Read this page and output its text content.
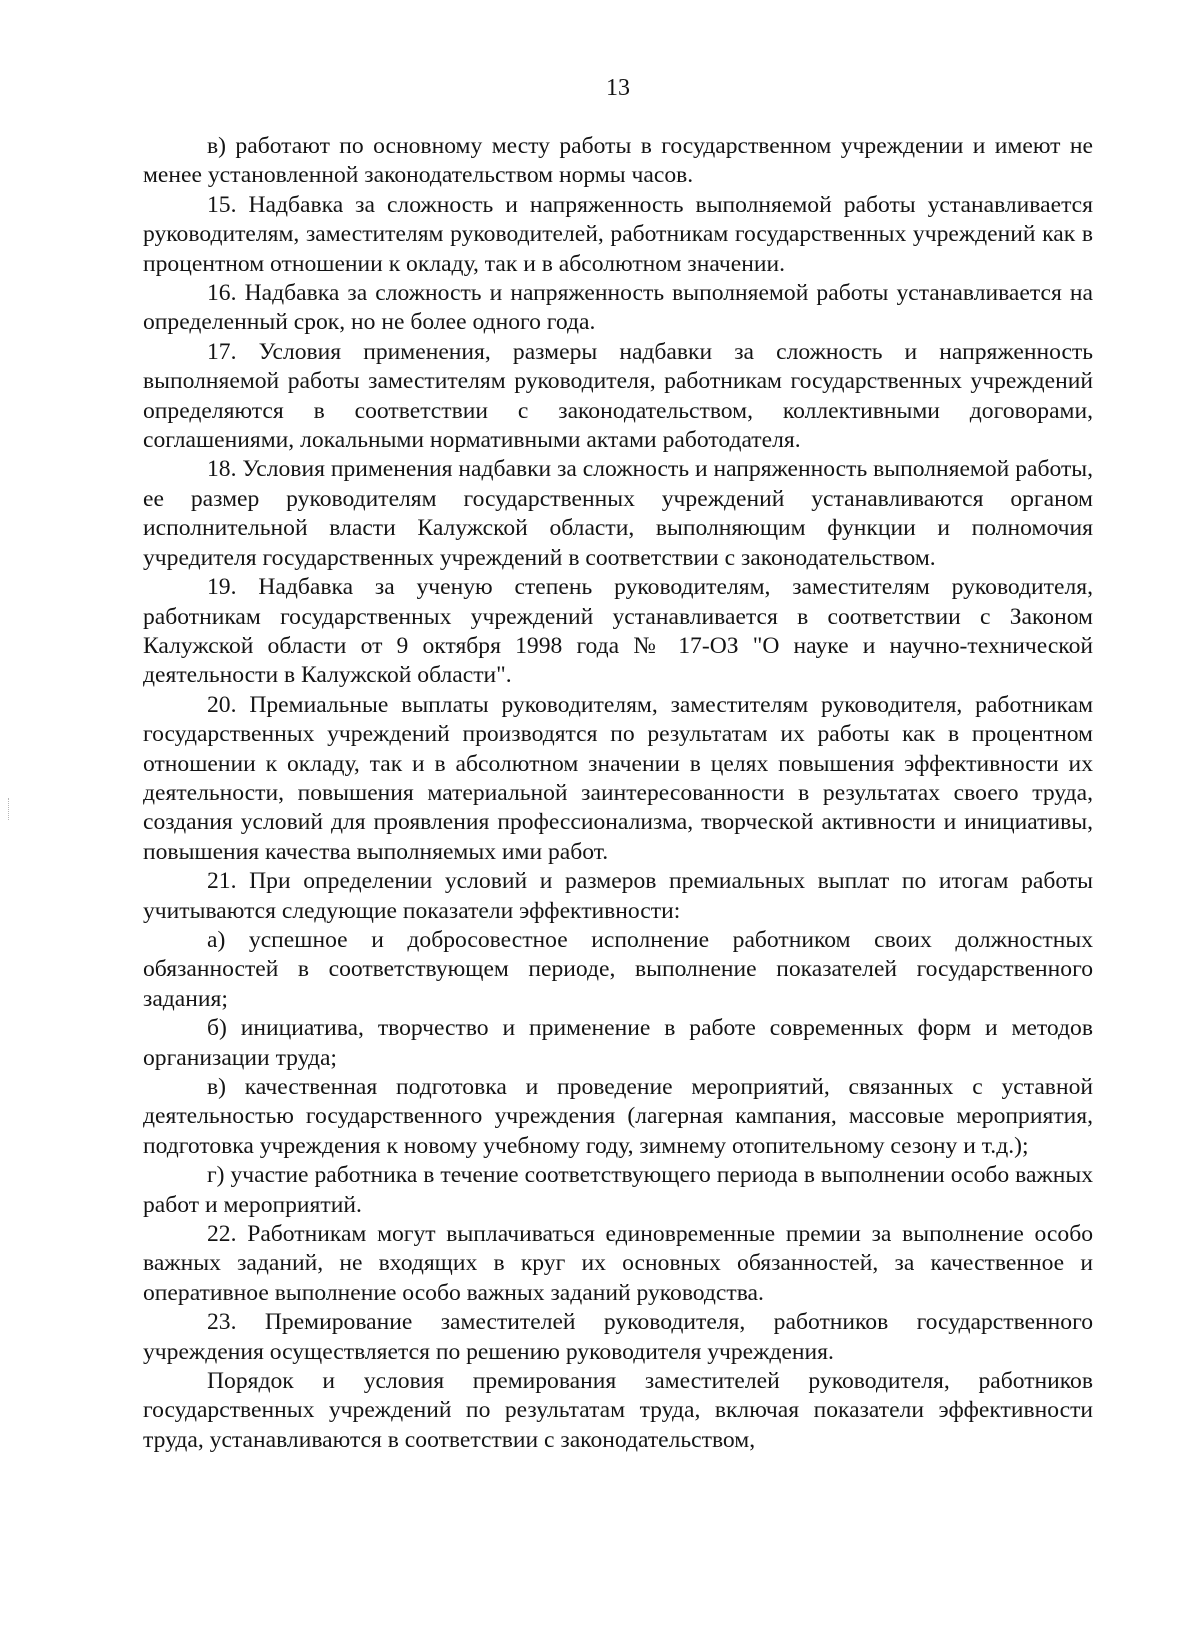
13

в) работают по основному месту работы в государственном учреждении и имеют не менее установленной законодательством нормы часов.

15. Надбавка за сложность и напряженность выполняемой работы устанавливается руководителям, заместителям руководителей, работникам государственных учреждений как в процентном отношении к окладу, так и в абсолютном значении.

16. Надбавка за сложность и напряженность выполняемой работы устанавливается на определенный срок, но не более одного года.

17. Условия применения, размеры надбавки за сложность и напряженность выполняемой работы заместителям руководителя, работникам государственных учреждений определяются в соответствии с законодательством, коллективными договорами, соглашениями, локальными нормативными актами работодателя.

18. Условия применения надбавки за сложность и напряженность выполняемой работы, ее размер руководителям государственных учреждений устанавливаются органом исполнительной власти Калужской области, выполняющим функции и полномочия учредителя государственных учреждений в соответствии с законодательством.

19. Надбавка за ученую степень руководителям, заместителям руководителя, работникам государственных учреждений устанавливается в соответствии с Законом Калужской области от 9 октября 1998 года № 17-ОЗ "О науке и научно-технической деятельности в Калужской области".

20. Премиальные выплаты руководителям, заместителям руководителя, работникам государственных учреждений производятся по результатам их работы как в процентном отношении к окладу, так и в абсолютном значении в целях повышения эффективности их деятельности, повышения материальной заинтересованности в результатах своего труда, создания условий для проявления профессионализма, творческой активности и инициативы, повышения качества выполняемых ими работ.

21. При определении условий и размеров премиальных выплат по итогам работы учитываются следующие показатели эффективности:

а) успешное и добросовестное исполнение работником своих должностных обязанностей в соответствующем периоде, выполнение показателей государственного задания;

б) инициатива, творчество и применение в работе современных форм и методов организации труда;

в) качественная подготовка и проведение мероприятий, связанных с уставной деятельностью государственного учреждения (лагерная кампания, массовые мероприятия, подготовка учреждения к новому учебному году, зимнему отопительному сезону и т.д.);

г) участие работника в течение соответствующего периода в выполнении особо важных работ и мероприятий.

22. Работникам могут выплачиваться единовременные премии за выполнение особо важных заданий, не входящих в круг их основных обязанностей, за качественное и оперативное выполнение особо важных заданий руководства.

23. Премирование заместителей руководителя, работников государственного учреждения осуществляется по решению руководителя учреждения.

Порядок и условия премирования заместителей руководителя, работников государственных учреждений по результатам труда, включая показатели эффективности труда, устанавливаются в соответствии с законодательством,
